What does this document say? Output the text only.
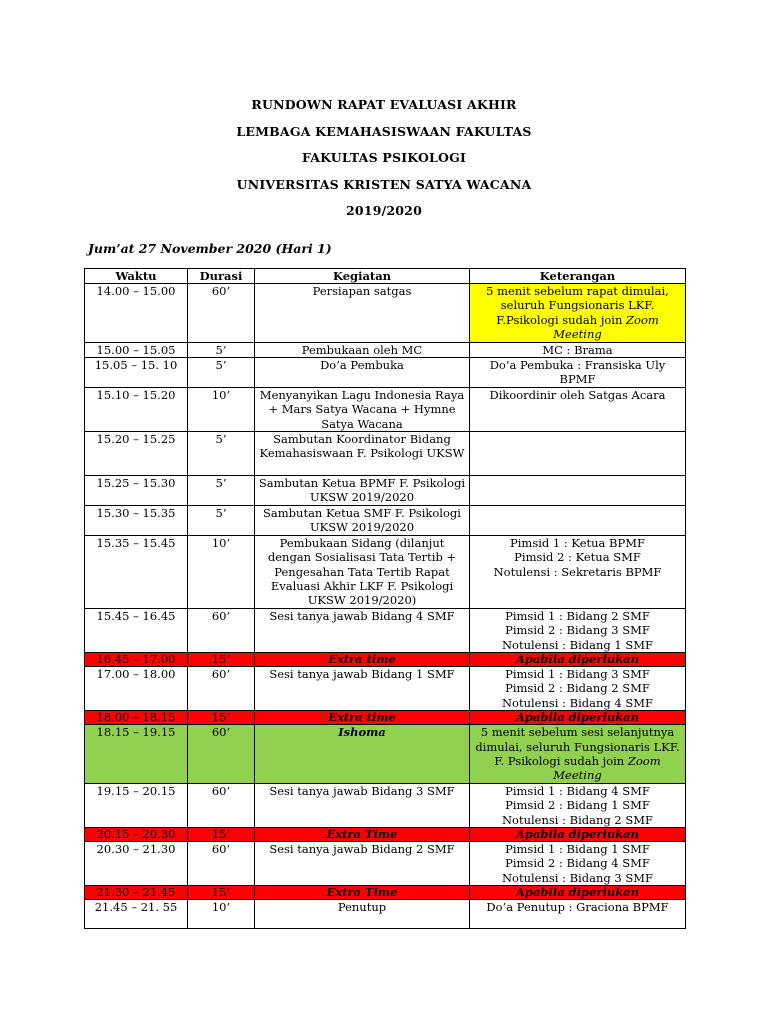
RUNDOWN RAPAT EVALUASI AKHIR
LEMBAGA KEMAHASISWAAN FAKULTAS
FAKULTAS PSIKOLOGI
UNIVERSITAS KRISTEN SATYA WACANA
2019/2020
Jum’at 27 November 2020 (Hari 1)
Waktu	Durasi	Kegiatan	Keterangan
14.00 – 15.00	60’	Persiapan satgas	5 menit sebelum rapat dimulai, seluruh Fungsionaris LKF. F.Psikologi sudah join Zoom Meeting
15.00 – 15.05	5’	Pembukaan oleh MC	MC : Brama
15.05 – 15. 10	5’	Do’a Pembuka	Do’a Pembuka : Fransiska Uly BPMF
15.10 – 15.20	10’	Menyanyikan Lagu Indonesia Raya + Mars Satya Wacana + Hymne Satya Wacana	Dikoordinir oleh Satgas Acara
15.20 – 15.25	5’	Sambutan Koordinator Bidang Kemahasiswaan F. Psikologi UKSW	
15.25 – 15.30	5’	Sambutan Ketua BPMF F. Psikologi UKSW 2019/2020	
15.30 – 15.35	5’	Sambutan Ketua SMF F. Psikologi UKSW 2019/2020	
15.35 – 15.45	10’	Pembukaan Sidang (dilanjut dengan Sosialisasi Tata Tertib + Pengesahan Tata Tertib Rapat Evaluasi Akhir LKF F. Psikologi UKSW 2019/2020)	Pimsid 1 : Ketua BPMF
Pimsid 2 : Ketua SMF
Notulensi : Sekretaris BPMF

15.45 – 16.45	60’	Sesi tanya jawab Bidang 4 SMF	Pimsid 1 : Bidang 2 SMF
Pimsid 2 : Bidang 3 SMF
Notulensi : Bidang 1 SMF

16.45 – 17.00	15’	Extra time	Apabila diperlukan
17.00 – 18.00	60’	Sesi tanya jawab Bidang 1 SMF	Pimsid 1 : Bidang 3 SMF
Pimsid 2 : Bidang 2 SMF
Notulensi : Bidang 4 SMF

18.00 – 18.15	15’	Extra time	Apabila diperlukan
18.15 – 19.15	60’	Ishoma	5 menit sebelum sesi selanjutnya dimulai, seluruh Fungsionaris LKF. F. Psikologi sudah join Zoom Meeting
19.15 – 20.15	60’	Sesi tanya jawab Bidang 3 SMF	Pimsid 1 : Bidang 4 SMF
Pimsid 2 : Bidang 1 SMF
Notulensi : Bidang 2 SMF

20.15 – 20.30	15’	Extra Time	Apabila diperlukan
20.30 – 21.30	60’	Sesi tanya jawab Bidang 2 SMF	Pimsid 1 : Bidang 1 SMF
Pimsid 2 : Bidang 4 SMF
Notulensi : Bidang 3 SMF

21.30 – 21.45	15’	Extra Time	Apabila diperlukan
21.45 – 21. 55	10’	Penutup	Do’a Penutup : Graciona BPMF
